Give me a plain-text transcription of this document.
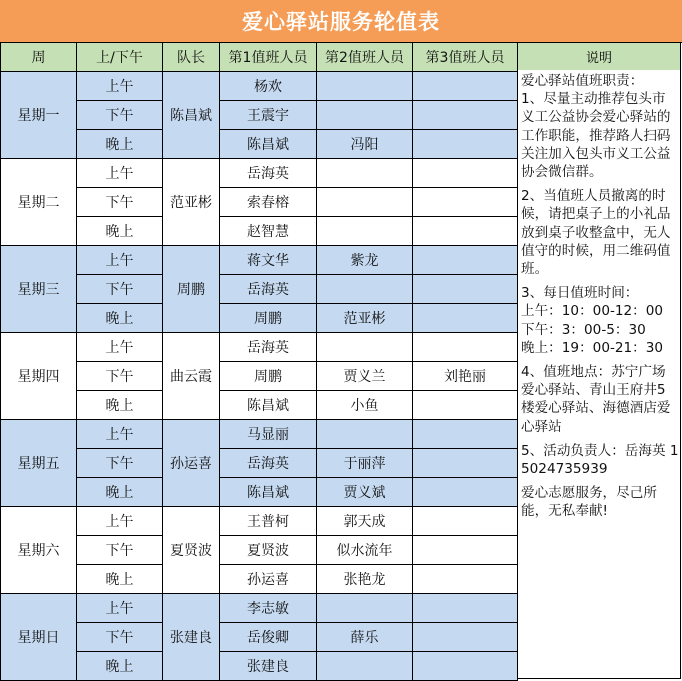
爱心驿站服务轮值表
周	上/下午	队长	第1值班人员	第2值班人员	第3值班人员
星期一	上午	陈昌斌	杨欢		
	下午		王震宇		
	晚上		陈昌斌	冯阳	
星期二	上午	范亚彬	岳海英		
	下午		索春榕		
	晚上		赵智慧		
星期三	上午	周鹏	蒋文华	紫龙	
	下午		岳海英		
	晚上		周鹏	范亚彬	
星期四	上午	曲云霞	岳海英		
	下午		周鹏	贾义兰	刘艳丽
	晚上		陈昌斌	小鱼	
星期五	上午	孙运喜	马显丽		
	下午		岳海英	于丽萍	
	晚上		陈昌斌	贾义斌	
星期六	上午	夏贤波	王普柯	郭天成	
	下午		夏贤波	似水流年	
	晚上		孙运喜	张艳龙	
星期日	上午	张建良	李志敏		
	下午		岳俊卿	薛乐	
	晚上		张建良		
说明
爱心驿站值班职责：
1、尽量主动推荐包头市义工公益协会爱心驿站的工作职能，推荐路人扫码关注加入包头市义工公益协会微信群。
2、当值班人员撤离的时候，请把桌子上的小礼品放到桌子收整盒中，无人值守的时候，用二维码值班。
3、每日值班时间：
上午：10：00-12：00
下午：3：00-5：30
晚上：19：00-21：30
4、值班地点：苏宁广场爱心驿站、青山王府井5楼爱心驿站、海德酒店爱心驿站
5、活动负责人：岳海英 15024735939
爱心志愿服务，尽己所能，无私奉献!
